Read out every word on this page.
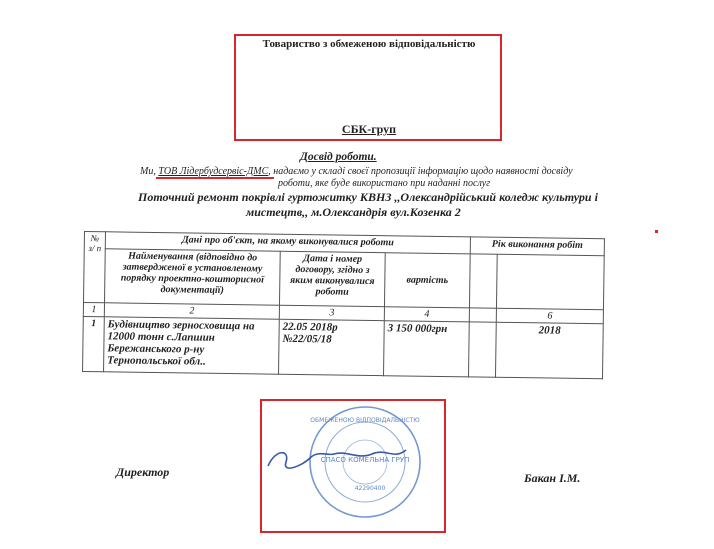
Товариство з обмеженою відповідальністю
СБК-груп
Досвід роботи.
Ми, ТОВ Лідербудсервіс-ДМС, надаємо у складі своєї пропозиції інформацію щодо наявності досвіду
роботи, яке буде використано при наданні послуг
Поточний ремонт покрівлі гуртожитку КВНЗ ,,Олександрійський коледж культури і
мистецтв,, м.Олександрія вул.Козенка 2
№ з/ п	Дані про об'єкт, на якому виконувалися роботи			Рік виконання робіт	
	Найменування (відповідно до затвердженої в установленому порядку проектно-кошторисної документації)	Дата і номер договору, згідно з яким виконувалися роботи	вартість		
1	2	3	4		6
1	Будівництво зерносховища на 12000 тонн с.Лапшин Бережанського р-ну Тернопольської обл..	22.05 2018р №22/05/18	3 150 000грн		2018
Директор	Бакан І.М.
ОБМЕЖЕНОЮ ВІДПОВІДАЛЬНІСТЮ
СПАСО КОМЕЛЬНА ГРУП
42290400
